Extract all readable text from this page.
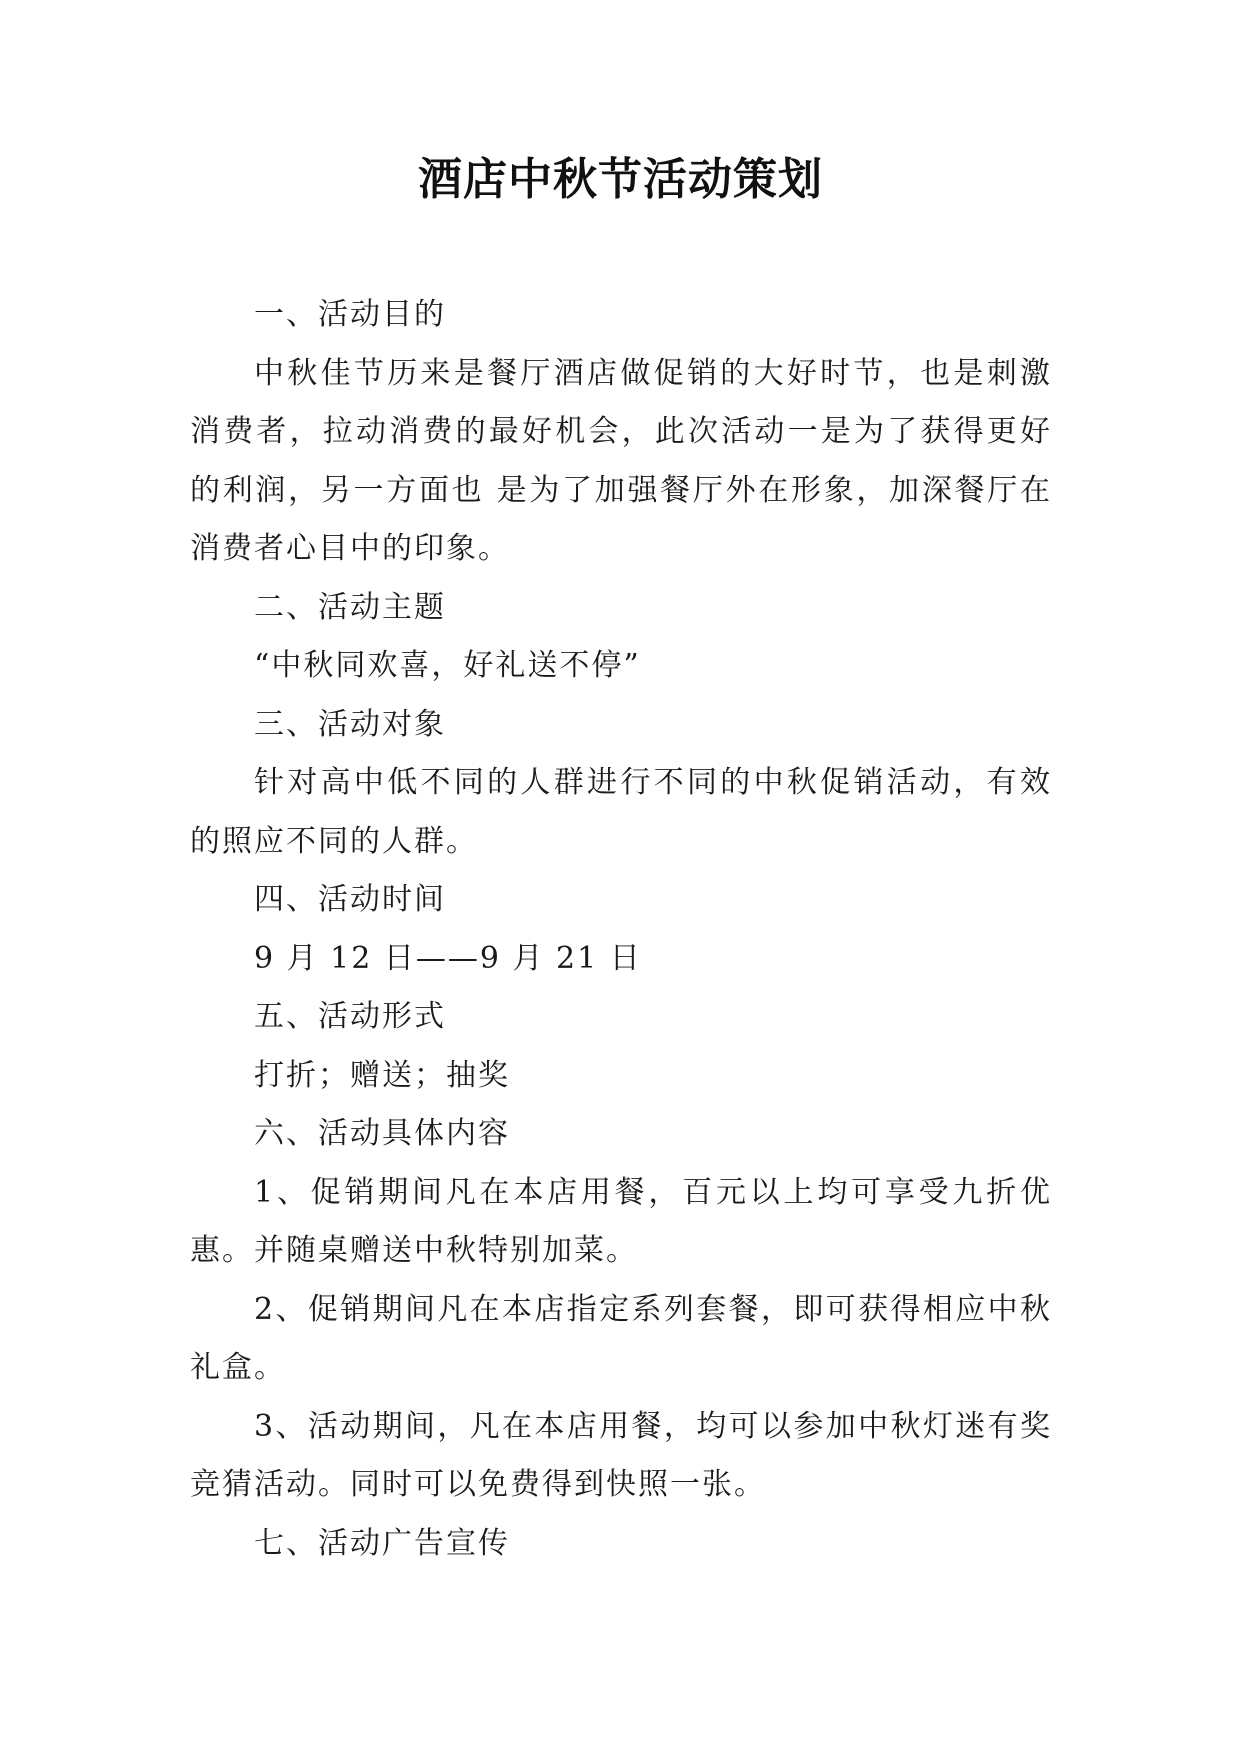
酒店中秋节活动策划

一、活动目的

中秋佳节历来是餐厅酒店做促销的大好时节，也是刺激消费者，拉动消费的最好机会，此次活动一是为了获得更好的利润，另一方面也 是为了加强餐厅外在形象，加深餐厅在消费者心目中的印象。

二、活动主题

“中秋同欢喜，好礼送不停”

三、活动对象

针对高中低不同的人群进行不同的中秋促销活动，有效的照应不同的人群。

四、活动时间

9 月 12 日——9 月 21 日

五、活动形式

打折；赠送；抽奖

六、活动具体内容

1、促销期间凡在本店用餐，百元以上均可享受九折优惠。并随桌赠送中秋特别加菜。

2、促销期间凡在本店指定系列套餐，即可获得相应中秋礼盒。

3、活动期间，凡在本店用餐，均可以参加中秋灯迷有奖竞猜活动。同时可以免费得到快照一张。

七、活动广告宣传
